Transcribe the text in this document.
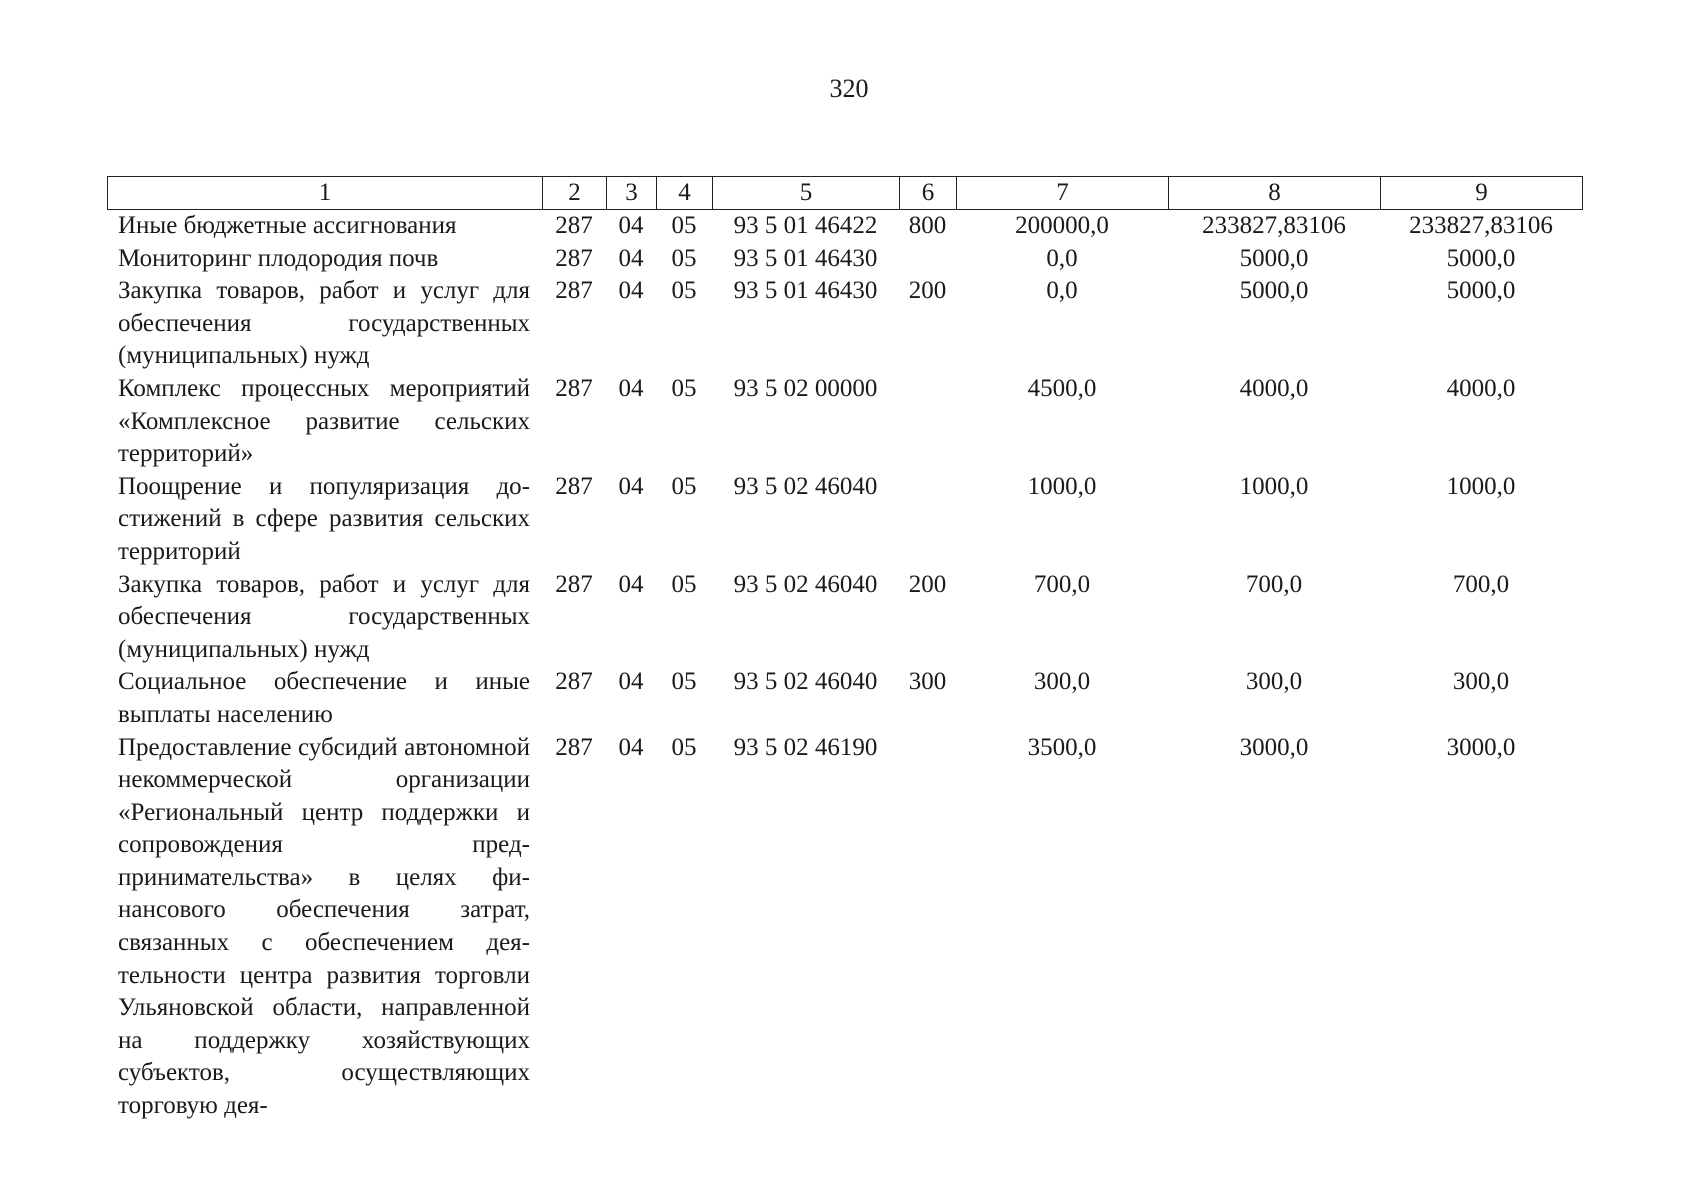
320
1	2	3	4	5	6	7	8	9
Иные бюджетные ассигнования	287	04	05	93 5 01 46422	800	200000,0	233827,83106	233827,83106
Мониторинг плодородия почв	287	04	05	93 5 01 46430		0,0	5000,0	5000,0
Закупка товаров, работ и услуг для обеспечения государственных (муниципальных) нужд	287	04	05	93 5 01 46430	200	0,0	5000,0	5000,0
Комплекс процессных мероприятий «Комплексное развитие сельских территорий»	287	04	05	93 5 02 00000		4500,0	4000,0	4000,0
Поощрение и популяризация достижений в сфере развития сельских территорий	287	04	05	93 5 02 46040		1000,0	1000,0	1000,0
Закупка товаров, работ и услуг для обеспечения государственных (муниципальных) нужд	287	04	05	93 5 02 46040	200	700,0	700,0	700,0
Социальное обеспечение и иные выплаты населению	287	04	05	93 5 02 46040	300	300,0	300,0	300,0
Предоставление субсидий автономной некоммерческой организации «Региональный центр поддержки и сопровождения предпринимательства» в целях финансового обеспечения затрат, связанных с обеспечением деятельности центра развития торговли Ульяновской области, направленной на поддержку хозяйствующих субъектов, осуществляющих торговую дея-	287	04	05	93 5 02 46190		3500,0	3000,0	3000,0
